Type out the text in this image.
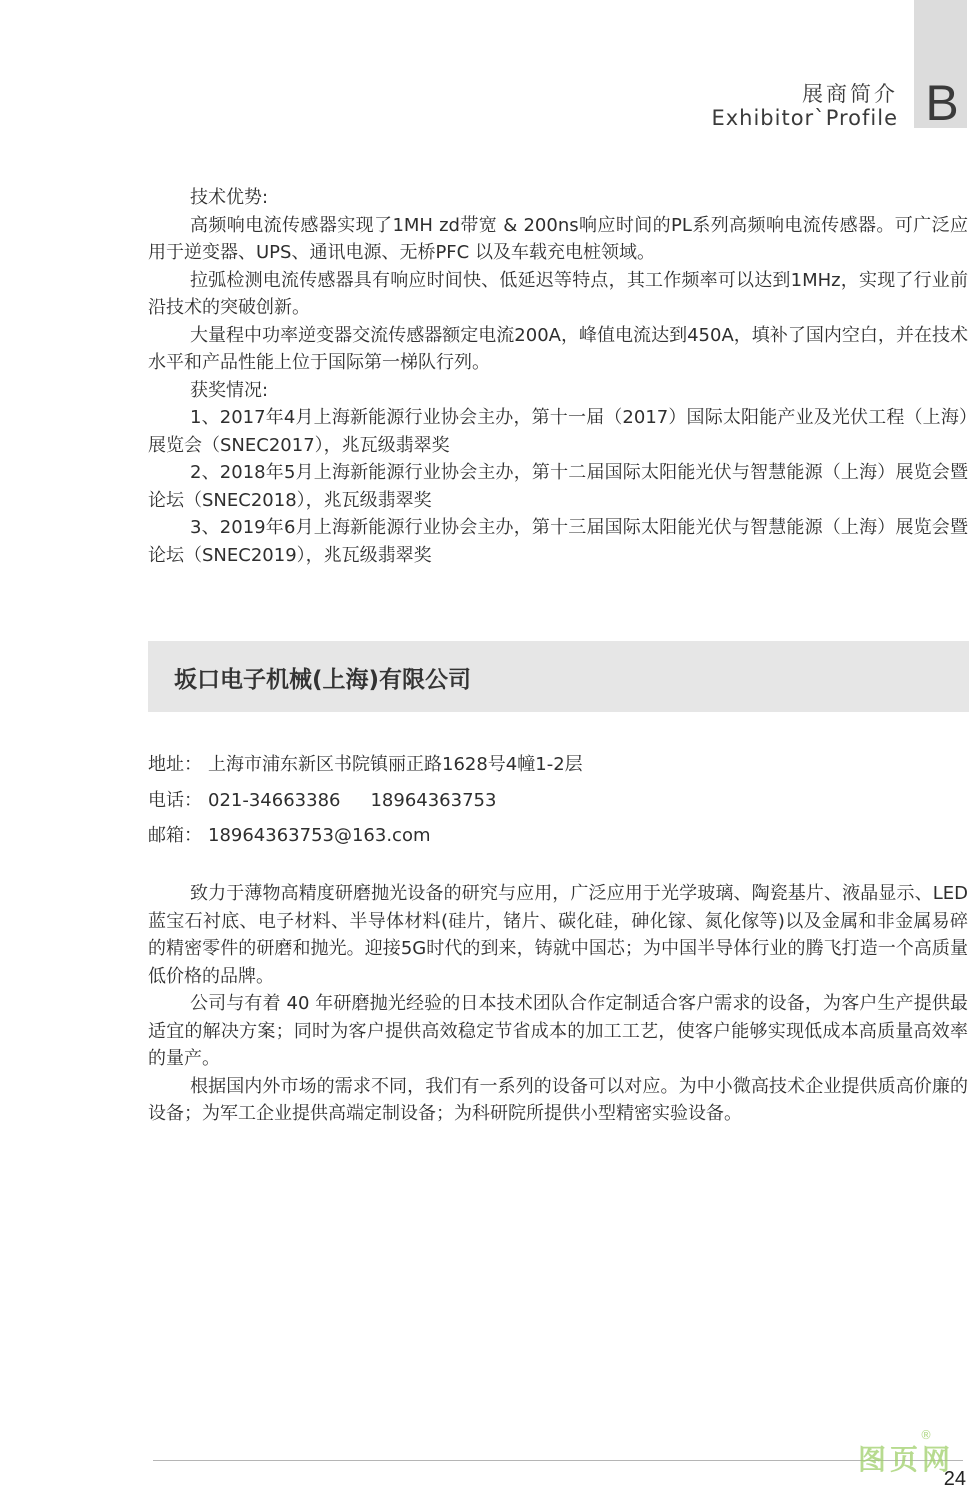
B
展商简介
Exhibitor`Profile

技术优势:

高频响电流传感器实现了1MH zd带宽 & 200ns响应时间的PL系列高频响电流传感器。可广泛应用于逆变器、UPS、通讯电源、无桥PFC 以及车载充电桩领域。

拉弧检测电流传感器具有响应时间快、低延迟等特点，其工作频率可以达到1MHz，实现了行业前沿技术的突破创新。

大量程中功率逆变器交流传感器额定电流200A，峰值电流达到450A，填补了国内空白，并在技术水平和产品性能上位于国际第一梯队行列。

获奖情况:

1、2017年4月上海新能源行业协会主办，第十一届（2017）国际太阳能产业及光伏工程（上海）展览会（SNEC2017），兆瓦级翡翠奖

2、2018年5月上海新能源行业协会主办，第十二届国际太阳能光伏与智慧能源（上海）展览会暨论坛（SNEC2018），兆瓦级翡翠奖

3、2019年6月上海新能源行业协会主办，第十三届国际太阳能光伏与智慧能源（上海）展览会暨论坛（SNEC2019），兆瓦级翡翠奖

坂口电子机械(上海)有限公司
地址： 上海市浦东新区书院镇丽正路1628号4幢1-2层
电话： 021-34663386 18964363753
邮箱： 18964363753@163.com

致力于薄物高精度研磨抛光设备的研究与应用，广泛应用于光学玻璃、陶瓷基片、液晶显示、LED蓝宝石衬底、电子材料、半导体材料(硅片，锗片、碳化硅，砷化镓、氮化傢等)以及金属和非金属易碎的精密零件的研磨和抛光。迎接5G时代的到来，铸就中国芯；为中国半导体行业的腾飞打造一个高质量低价格的品牌。

公司与有着 40 年研磨抛光经验的日本技术团队合作定制适合客户需求的设备，为客户生产提供最适宜的解决方案；同时为客户提供高效稳定节省成本的加工工艺，使客户能够实现低成本高质量高效率的量产。

根据国内外市场的需求不同，我们有一系列的设备可以对应。为中小微高技术企业提供质高价廉的设备；为军工企业提供高端定制设备；为科研院所提供小型精密实验设备。

®
图页网
24
